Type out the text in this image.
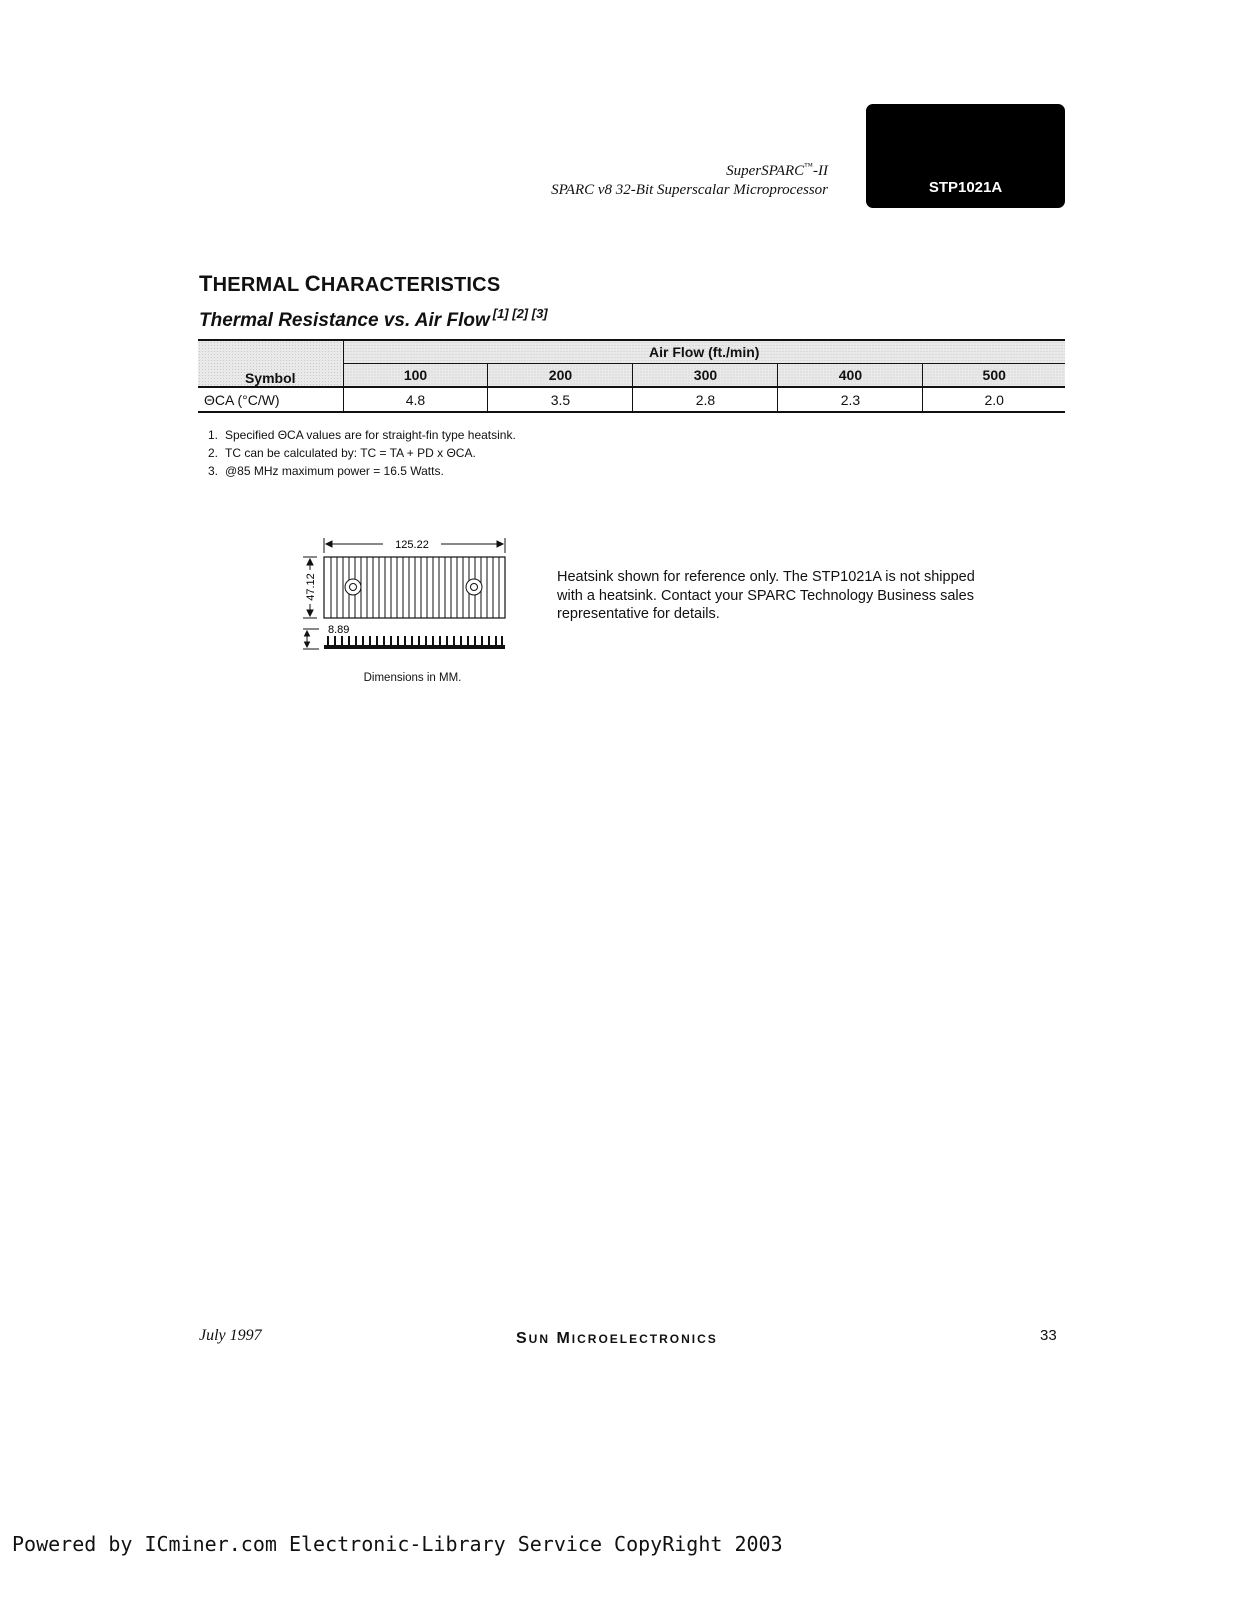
SuperSPARC™-II
SPARC v8 32-Bit Superscalar Microprocessor	STP1021A
THERMAL CHARACTERISTICS
Thermal Resistance vs. Air Flow [1] [2] [3]
Symbol	Air Flow (ft./min)				
	100	200	300	400	500
ΘCA (°C/W)	4.8	3.5	2.8	2.3	2.0
1. Specified ΘCA values are for straight-fin type heatsink.
2. TC can be calculated by: TC = TA + PD x ΘCA.
3. @85 MHz maximum power = 16.5 Watts.
125.22
47.12
8.89
Dimensions in MM.
Heatsink shown for reference only. The STP1021A is not shipped with a heatsink. Contact your SPARC Technology Business sales representative for details.
July 1997	SUN MICROELECTRONICS	33
Powered by ICminer.com Electronic-Library Service CopyRight 2003
